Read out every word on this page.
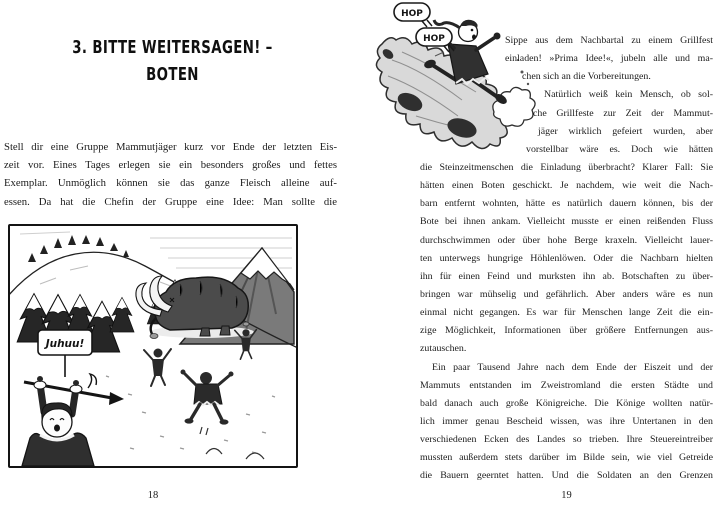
3. BITTE WEITERSAGEN! –
BOTEN
Stell dir eine Gruppe Mammutjäger kurz vor Ende der letzten Eis-
zeit vor. Eines Tages erlegen sie ein besonders großes und fettes
Exemplar. Unmöglich können sie das ganze Fleisch alleine auf-
essen. Da hat die Chefin der Gruppe eine Idee: Man sollte die
Juhuu!
18
HOP
HOP	Sippe aus dem Nachbartal zu einem Grillfest
einladen! »Prima Idee!«, jubeln alle und ma-
chen sich an die Vorbereitungen.
Natürlich weiß kein Mensch, ob sol-
che Grillfeste zur Zeit der Mammut-
jäger wirklich gefeiert wurden, aber
vorstellbar wäre es. Doch wie hätten
die Steinzeitmenschen die Einladung überbracht? Klarer Fall: Sie
hätten einen Boten geschickt. Je nachdem, wie weit die Nach-
barn entfernt wohnten, hätte es natürlich dauern können, bis der
Bote bei ihnen ankam. Vielleicht musste er einen reißenden Fluss
durchschwimmen oder über hohe Berge kraxeln. Vielleicht lauer-
ten unterwegs hungrige Höhlenlöwen. Oder die Nachbarn hielten
ihn für einen Feind und murksten ihn ab. Botschaften zu über-
bringen war mühselig und gefährlich. Aber anders wäre es nun
einmal nicht gegangen. Es war für Menschen lange Zeit die ein-
zige Möglichkeit, Informationen über größere Entfernungen aus-
zutauschen.
Ein paar Tausend Jahre nach dem Ende der Eiszeit und der
Mammuts entstanden im Zweistromland die ersten Städte und
bald danach auch große Königreiche. Die Könige wollten natür-
lich immer genau Bescheid wissen, was ihre Untertanen in den
verschiedenen Ecken des Landes so trieben. Ihre Steuereintreiber
mussten außerdem stets darüber im Bilde sein, wie viel Getreide
die Bauern geerntet hatten. Und die Soldaten an den Grenzen
19
